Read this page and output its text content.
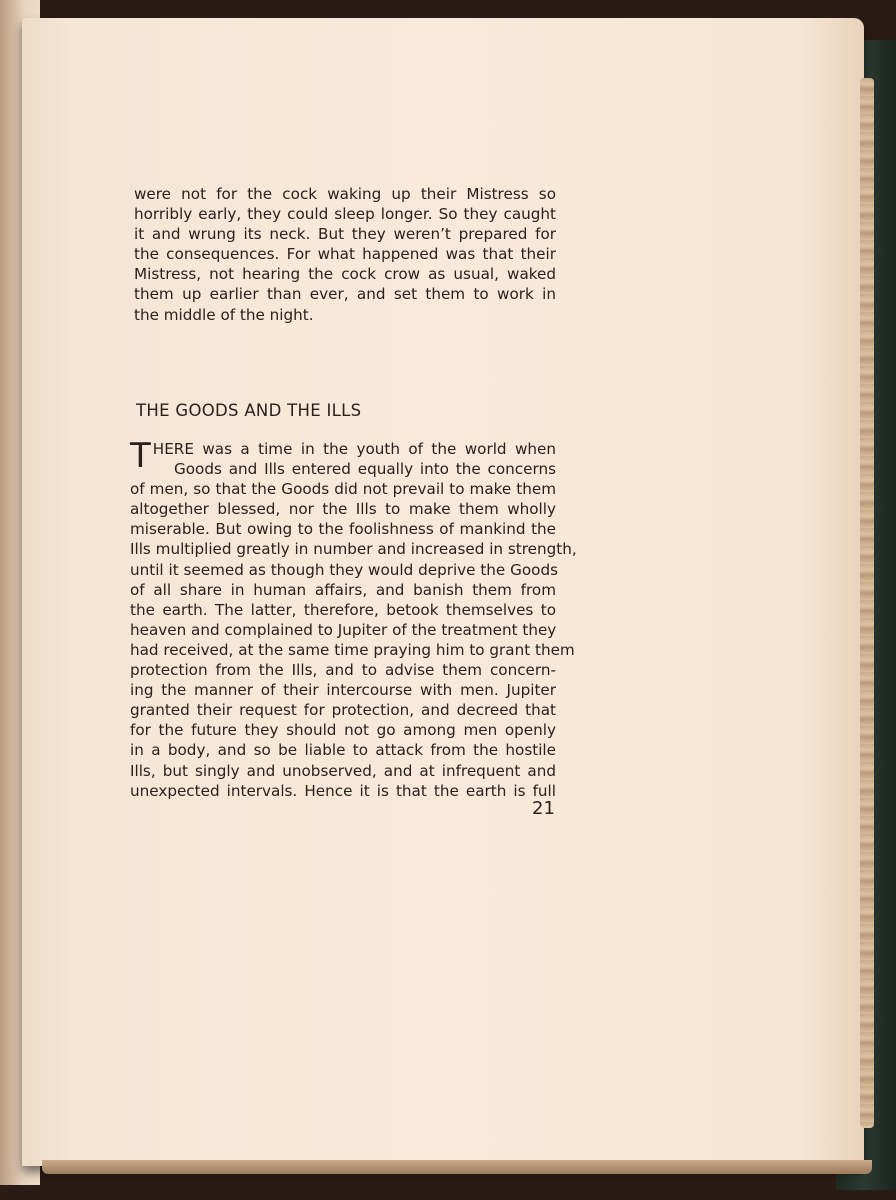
were not for the cock waking up their Mistress so
horribly early, they could sleep longer. So they caught
it and wrung its neck. But they weren’t prepared for
the consequences. For what happened was that their
Mistress, not hearing the cock crow as usual, waked
them up earlier than ever, and set them to work in
the middle of the night.

THE GOODS AND THE ILLS

T HERE was a time in the youth of the world when
Goods and Ills entered equally into the concerns
of men, so that the Goods did not prevail to make them
altogether blessed, nor the Ills to make them wholly
miserable. But owing to the foolishness of mankind the
Ills multiplied greatly in number and increased in strength,
until it seemed as though they would deprive the Goods
of all share in human affairs, and banish them from
the earth. The latter, therefore, betook themselves to
heaven and complained to Jupiter of the treatment they
had received, at the same time praying him to grant them
protection from the Ills, and to advise them concern-
ing the manner of their intercourse with men. Jupiter
granted their request for protection, and decreed that
for the future they should not go among men openly
in a body, and so be liable to attack from the hostile
Ills, but singly and unobserved, and at infrequent and
unexpected intervals. Hence it is that the earth is full

21
